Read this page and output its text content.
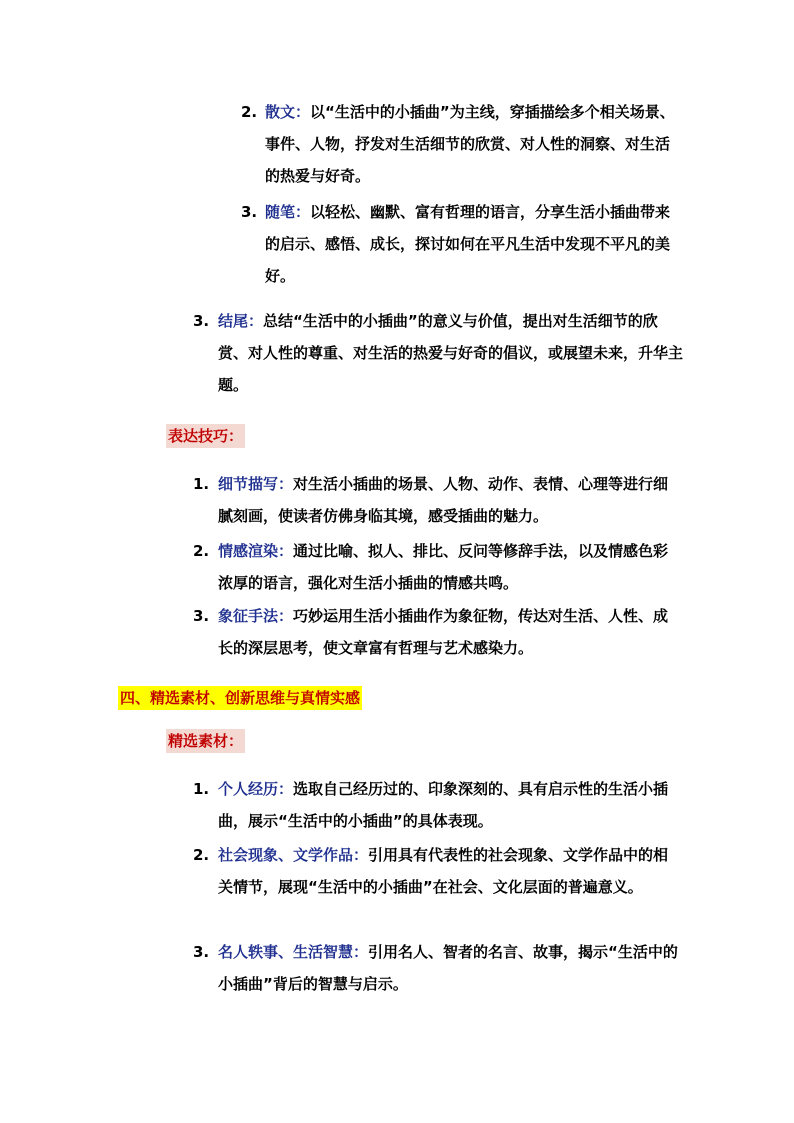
2. 散文：以“生活中的小插曲”为主线，穿插描绘多个相关场景、事件、人物，抒发对生活细节的欣赏、对人性的洞察、对生活的热爱与好奇。
3. 随笔：以轻松、幽默、富有哲理的语言，分享生活小插曲带来的启示、感悟、成长，探讨如何在平凡生活中发现不平凡的美好。
3. 结尾：总结“生活中的小插曲”的意义与价值，提出对生活细节的欣赏、对人性的尊重、对生活的热爱与好奇的倡议，或展望未来，升华主题。
表达技巧：
1. 细节描写：对生活小插曲的场景、人物、动作、表情、心理等进行细腻刻画，使读者仿佛身临其境，感受插曲的魅力。
2. 情感渲染：通过比喻、拟人、排比、反问等修辞手法，以及情感色彩浓厚的语言，强化对生活小插曲的情感共鸣。
3. 象征手法：巧妙运用生活小插曲作为象征物，传达对生活、人性、成长的深层思考，使文章富有哲理与艺术感染力。
四、精选素材、创新思维与真情实感
精选素材：
1. 个人经历：选取自己经历过的、印象深刻的、具有启示性的生活小插曲，展示“生活中的小插曲”的具体表现。
2. 社会现象、文学作品：引用具有代表性的社会现象、文学作品中的相关情节，展现“生活中的小插曲”在社会、文化层面的普遍意义。
3. 名人轶事、生活智慧：引用名人、智者的名言、故事，揭示“生活中的小插曲”背后的智慧与启示。
